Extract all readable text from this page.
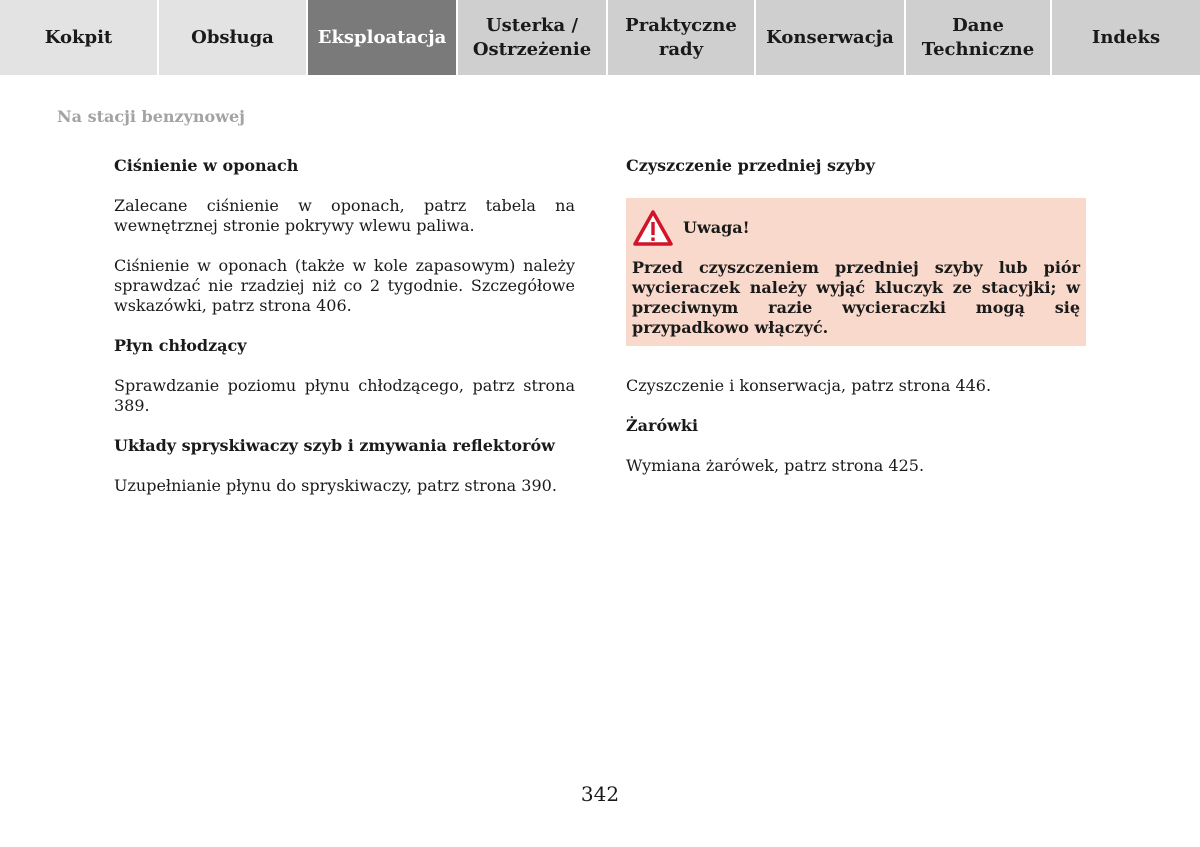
Kokpit	Obsługa	Eksploatacja
Usterka /
Ostrzeżenie
Praktyczne
rady
Konserwacja
Dane
Techniczne
Indeks
Na stacji benzynowej

Ciśnienie w oponach

Zalecane ciśnienie w oponach, patrz tabela na wewnętrznej stronie pokrywy wlewu paliwa.

Ciśnienie w oponach (także w kole zapasowym) należy sprawdzać nie rzadziej niż co 2 tygodnie. Szczegółowe wskazówki, patrz strona 406.

Płyn chłodzący

Sprawdzanie poziomu płynu chłodzącego, patrz strona 389.

Układy spryskiwaczy szyb i zmywania reflektorów

Uzupełnianie płynu do spryskiwaczy, patrz strona 390.

Czyszczenie przedniej szyby

Uwaga!

Przed czyszczeniem przedniej szyby lub piór wycieraczek należy wyjąć kluczyk ze stacyjki; w przeciwnym razie wycieraczki mogą się przypadkowo włączyć.

Czyszczenie i konserwacja, patrz strona 446.

Żarówki

Wymiana żarówek, patrz strona 425.

342
